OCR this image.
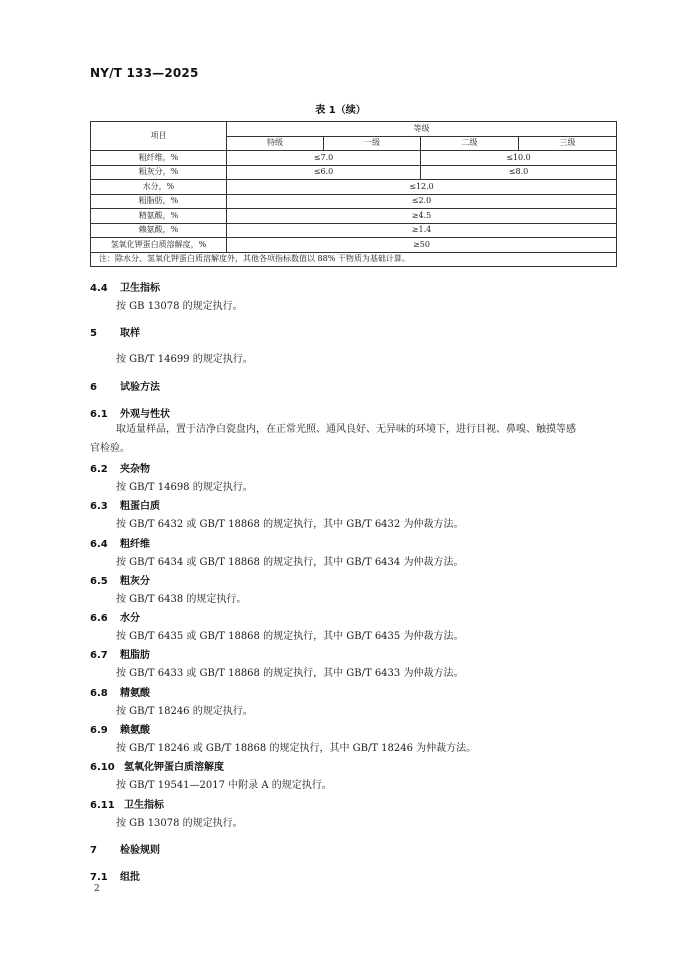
NY/T 133—2025
表 1（续）
项目	等级			
	特级	一级	二级	三级
粗纤维，%	≤7.0		≤10.0	
粗灰分，%	≤6.0		≤8.0	
水分，%	≤12.0			
粗脂肪，%	≤2.0			
精氨酸，%	≥4.5			
赖氨酸，%	≥1.4			
氢氧化钾蛋白质溶解度，%	≥50			
注：除水分、氢氧化钾蛋白质溶解度外，其他各项指标数值以 88% 干物质为基础计算。				
4.4 卫生指标
按 GB 13078 的规定执行。
5 取样
按 GB/T 14699 的规定执行。
6 试验方法
6.1 外观与性状
取适量样品，置于洁净白瓷盘内，在正常光照、通风良好、无异味的环境下，进行目视、鼻嗅、触摸等感
官检验。
6.2 夹杂物
按 GB/T 14698 的规定执行。
6.3 粗蛋白质
按 GB/T 6432 或 GB/T 18868 的规定执行，其中 GB/T 6432 为仲裁方法。
6.4 粗纤维
按 GB/T 6434 或 GB/T 18868 的规定执行，其中 GB/T 6434 为仲裁方法。
6.5 粗灰分
按 GB/T 6438 的规定执行。
6.6 水分
按 GB/T 6435 或 GB/T 18868 的规定执行，其中 GB/T 6435 为仲裁方法。
6.7 粗脂肪
按 GB/T 6433 或 GB/T 18868 的规定执行，其中 GB/T 6433 为仲裁方法。
6.8 精氨酸
按 GB/T 18246 的规定执行。
6.9 赖氨酸
按 GB/T 18246 或 GB/T 18868 的规定执行，其中 GB/T 18246 为仲裁方法。
6.10 氢氧化钾蛋白质溶解度
按 GB/T 19541—2017 中附录 A 的规定执行。
6.11 卫生指标
按 GB 13078 的规定执行。
7 检验规则
7.1 组批
2
